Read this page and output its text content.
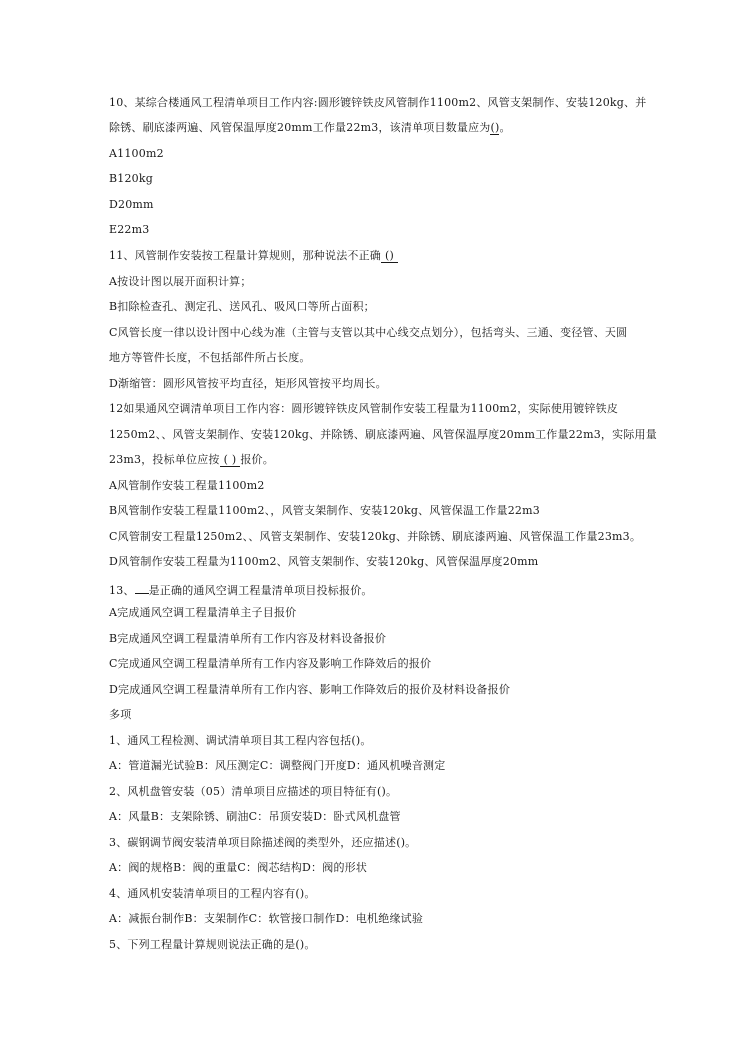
10、某综合楼通风工程清单项目工作内容:圆形镀锌铁皮风管制作1100m2、风管支架制作、安装120kg、并
除锈、刷底漆两遍、风管保温厚度20mm工作量22m3，该清单项目数量应为()。
A1100m2
B120kg
D20mm
E22m3
11、风管制作安装按工程量计算规则，那种说法不正确 ()
A按设计图以展开面积计算；
B扣除检查孔、测定孔、送风孔、吸风口等所占面积；
C风管长度一律以设计图中心线为准（主管与支管以其中心线交点划分），包括弯头、三通、变径管、天圆
地方等管件长度，不包括部件所占长度。
D渐缩管：圆形风管按平均直径，矩形风管按平均周长。
12如果通风空调清单项目工作内容：圆形镀锌铁皮风管制作安装工程量为1100m2，实际使用镀锌铁皮
1250m2、、风管支架制作、安装120kg、并除锈、刷底漆两遍、风管保温厚度20mm工作量22m3，实际用量
23m3，投标单位应按 ( ) 报价。
A风管制作安装工程量1100m2
B风管制作安装工程量1100m2、，风管支架制作、安装120kg、风管保温工作量22m3
C风管制安工程量1250m2、、风管支架制作、安装120kg、并除锈、刷底漆两遍、风管保温工作量23m3。
D风管制作安装工程量为1100m2、风管支架制作、安装120kg、风管保温厚度20mm
13、 是正确的通风空调工程量清单项目投标报价。
A完成通风空调工程量清单主子目报价
B完成通风空调工程量清单所有工作内容及材料设备报价
C完成通风空调工程量清单所有工作内容及影响工作降效后的报价
D完成通风空调工程量清单所有工作内容、影响工作降效后的报价及材料设备报价
多项
1、通风工程检测、调试清单项目其工程内容包括()。
A：管道漏光试验B：风压测定C：调整阀门开度D：通风机噪音测定
2、风机盘管安装（05）清单项目应描述的项目特征有()。
A：风量B：支架除锈、刷油C：吊顶安装D：卧式风机盘管
3、碳钢调节阀安装清单项目除描述阀的类型外，还应描述()。
A：阀的规格B：阀的重量C：阀芯结构D：阀的形状
4、通风机安装清单项目的工程内容有()。
A：减振台制作B：支架制作C：软管接口制作D：电机绝缘试验
5、下列工程量计算规则说法正确的是()。
